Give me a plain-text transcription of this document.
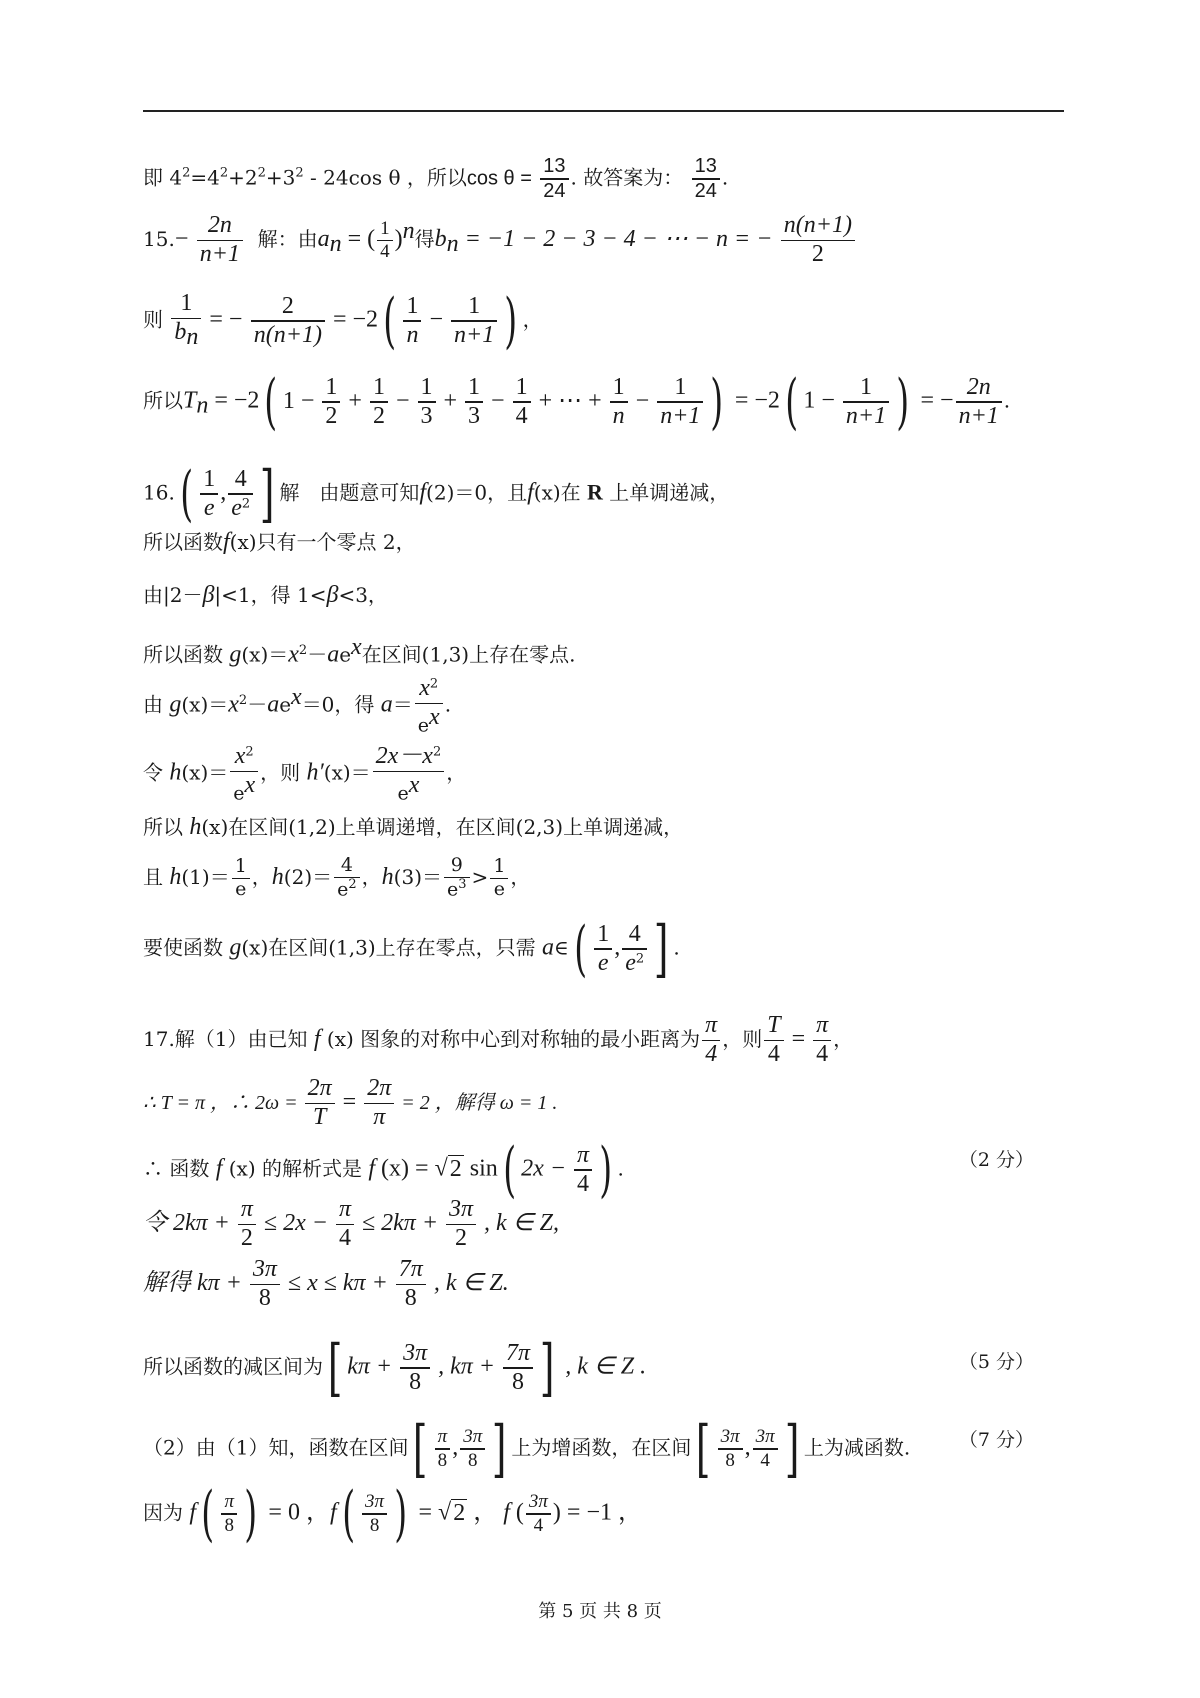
即 $4^2=4^2+2^2+3^2 - 24\cos$ θ ，所以$\cos \theta = \frac{13}{24}$ . 故答案为： $\frac{13}{24}$ .
$15.- \frac{2n}{n+1}$ 解：由$a_n$ = ( $\frac{1}{4} )^n$得$b_n = -1 - 2 - 3 - 4$ − ⋯ − n = − $\frac{n(n+1)}{2}$
则
1
$b_n$
= − $\frac{2}{n(n+1)} = -2( \frac{1}{n} - \frac{1}{n+1}$ ) ，
所以$T_n = -2$( $1 - \frac{1}{2} + \frac{1}{2} - \frac{1}{3} + \frac{1}{3} - \frac{1}{4}$ + ⋯ + $\frac{1}{n} - \frac{1}{n+1}$ ) = −2( $1 - \frac{1}{n+1}$ ) = − $\frac{2n}{n+1}$ .
$16.( \frac{1}{e}$ ,
4
$e^2$ ] 解　由题意可知f(2)＝0，且f(x)在 R 上单调递减，
所以函数f(x)只有一个零点 2，
由|2－β|<1，得 1<β<3，
所以函数 $g(x)=x^2-ae^x$在区间(1,3)上存在零点.
由 $g(x)=x^2-ae^x=0$，得 $a= \frac{x^2}{e^x}$ .
令 $h(x)= \frac{x^2}{e^x}$ ，则 $h'(x)= \frac{2x-x^2}{e^x}$ ，
所以 h(x)在区间(1,2)上单调递增，在区间(2,3)上单调递减，
且 $h(1)= \frac{1}{e}$ ，$h(2)= \frac{4}{e^2}$ ，$h(3)= \frac{9}{e^3} > \frac{1}{e}$ ，
要使函数 g(x)在区间(1,3)上存在零点，只需 a∈( $\frac{1}{e}$ ,
4
$e^2$ ] .
17.解（1）由已知 f (x) 图象的对称中心到对称轴的最小距离为 $\frac{\pi}{4}$ ，则 $\frac{T}{4} = \frac{\pi}{4}$ ，
∴ T = π ，∴ $2\omega = \frac{2\pi}{T} = \frac{2\pi}{\pi} = 2$ ，解得 ω = 1 .
∴ 函数 f (x) 的解析式是 f (x) = √2 sin( $2x - \frac{\pi}{4}$ ) .	（2 分）
令 $2k\pi + \frac{\pi}{2} \le 2x - \frac{\pi}{4} \le 2k\pi + \frac{3\pi}{2}$ , k ∈ Z,
解得 $k\pi + \frac{3\pi}{8} \le x \le k\pi + \frac{7\pi}{8}$ , k ∈ Z.
所以函数的减区间为[ $k\pi + \frac{3\pi}{8}$ , $k\pi + \frac{7\pi}{8}$ ] , k ∈ Z .	（5 分）
（2）由（1）知，函数在区间[ $\frac{\pi}{8}$ , $\frac{3\pi}{8}$ ] 上为增函数，在区间[ $\frac{3\pi}{8}$ , $\frac{3\pi}{4}$ ] 上为减函数.	（7 分）
因为 $f( \frac{\pi}{8}$ ) = 0 ，$f( \frac{3\pi}{8}$ ) = √2 ， f ( $\frac{3\pi}{4}$ ) = −1 ，
第 5 页 共 8 页
